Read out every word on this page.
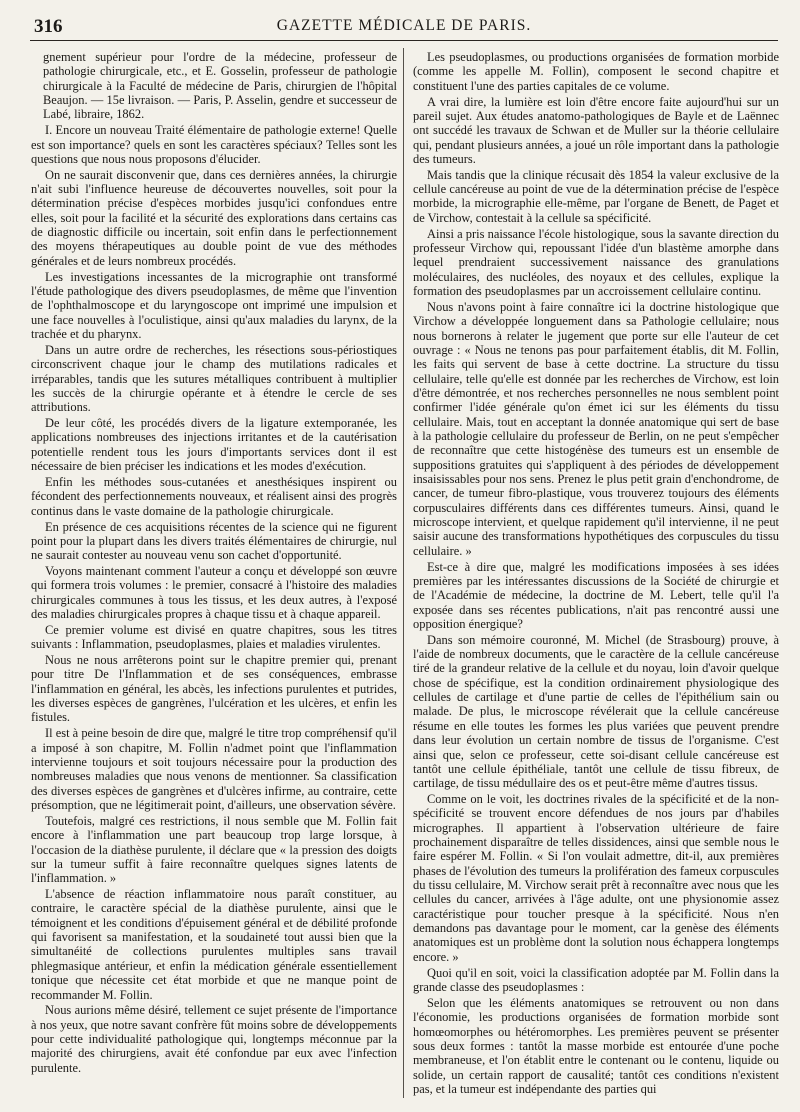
316	GAZETTE MÉDICALE DE PARIS.

gnement supérieur pour l'ordre de la médecine, professeur de pathologie chirurgicale, etc., et E. Gosselin, professeur de pathologie chirurgicale à la Faculté de médecine de Paris, chirurgien de l'hôpital Beaujon. — 15e livraison. — Paris, P. Asselin, gendre et successeur de Labé, libraire, 1862.

I. Encore un nouveau Traité élémentaire de pathologie externe! Quelle est son importance? quels en sont les caractères spéciaux? Telles sont les questions que nous nous proposons d'élucider.

On ne saurait disconvenir que, dans ces dernières années, la chirurgie n'ait subi l'influence heureuse de découvertes nouvelles, soit pour la détermination précise d'espèces morbides jusqu'ici confondues entre elles, soit pour la facilité et la sécurité des explorations dans certains cas de diagnostic difficile ou incertain, soit enfin dans le perfectionnement des moyens thérapeutiques au double point de vue des méthodes générales et de leurs nombreux procédés.

Les investigations incessantes de la micrographie ont transformé l'étude pathologique des divers pseudoplasmes, de même que l'invention de l'ophthalmoscope et du laryngoscope ont imprimé une impulsion et une face nouvelles à l'oculistique, ainsi qu'aux maladies du larynx, de la trachée et du pharynx.

Dans un autre ordre de recherches, les résections sous-périostiques circonscrivent chaque jour le champ des mutilations radicales et irréparables, tandis que les sutures métalliques contribuent à multiplier les succès de la chirurgie opérante et à étendre le cercle de ses attributions.

De leur côté, les procédés divers de la ligature extemporanée, les applications nombreuses des injections irritantes et de la cautérisation potentielle rendent tous les jours d'importants services dont il est nécessaire de bien préciser les indications et les modes d'exécution.

Enfin les méthodes sous-cutanées et anesthésiques inspirent ou fécondent des perfectionnements nouveaux, et réalisent ainsi des progrès continus dans le vaste domaine de la pathologie chirurgicale.

En présence de ces acquisitions récentes de la science qui ne figurent point pour la plupart dans les divers traités élémentaires de chirurgie, nul ne saurait contester au nouveau venu son cachet d'opportunité.

Voyons maintenant comment l'auteur a conçu et développé son œuvre qui formera trois volumes : le premier, consacré à l'histoire des maladies chirurgicales communes à tous les tissus, et les deux autres, à l'exposé des maladies chirurgicales propres à chaque tissu et à chaque appareil.

Ce premier volume est divisé en quatre chapitres, sous les titres suivants : Inflammation, pseudoplasmes, plaies et maladies virulentes.

Nous ne nous arrêterons point sur le chapitre premier qui, prenant pour titre De l'Inflammation et de ses conséquences, embrasse l'inflammation en général, les abcès, les infections purulentes et putrides, les diverses espèces de gangrènes, l'ulcération et les ulcères, et enfin les fistules.

Il est à peine besoin de dire que, malgré le titre trop compréhensif qu'il a imposé à son chapitre, M. Follin n'admet point que l'inflammation intervienne toujours et soit toujours nécessaire pour la production des nombreuses maladies que nous venons de mentionner. Sa classification des diverses espèces de gangrènes et d'ulcères infirme, au contraire, cette présomption, que ne légitimerait point, d'ailleurs, une observation sévère.

Toutefois, malgré ces restrictions, il nous semble que M. Follin fait encore à l'inflammation une part beaucoup trop large lorsque, à l'occasion de la diathèse purulente, il déclare que « la pression des doigts sur la tumeur suffit à faire reconnaître quelques signes latents de l'inflammation. »

L'absence de réaction inflammatoire nous paraît constituer, au contraire, le caractère spécial de la diathèse purulente, ainsi que le témoignent et les conditions d'épuisement général et de débilité profonde qui favorisent sa manifestation, et la soudaineté tout aussi bien que la simultanéité de collections purulentes multiples sans travail phlegmasique antérieur, et enfin la médication générale essentiellement tonique que nécessite cet état morbide et que ne manque point de recommander M. Follin.

Nous aurions même désiré, tellement ce sujet présente de l'importance à nos yeux, que notre savant confrère fût moins sobre de développements pour cette individualité pathologique qui, longtemps méconnue par la majorité des chirurgiens, avait été confondue par eux avec l'infection purulente.

Les pseudoplasmes, ou productions organisées de formation morbide (comme les appelle M. Follin), composent le second chapitre et constituent l'une des parties capitales de ce volume.

A vrai dire, la lumière est loin d'être encore faite aujourd'hui sur un pareil sujet. Aux études anatomo-pathologiques de Bayle et de Laënnec ont succédé les travaux de Schwan et de Muller sur la théorie cellulaire qui, pendant plusieurs années, a joué un rôle important dans la pathologie des tumeurs.

Mais tandis que la clinique récusait dès 1854 la valeur exclusive de la cellule cancéreuse au point de vue de la détermination précise de l'espèce morbide, la micrographie elle-même, par l'organe de Benett, de Paget et de Virchow, contestait à la cellule sa spécificité.

Ainsi a pris naissance l'école histologique, sous la savante direction du professeur Virchow qui, repoussant l'idée d'un blastème amorphe dans lequel prendraient successivement naissance des granulations moléculaires, des nucléoles, des noyaux et des cellules, explique la formation des pseudoplasmes par un accroissement cellulaire continu.

Nous n'avons point à faire connaître ici la doctrine histologique que Virchow a développée longuement dans sa Pathologie cellulaire; nous nous bornerons à relater le jugement que porte sur elle l'auteur de cet ouvrage : « Nous ne tenons pas pour parfaitement établis, dit M. Follin, les faits qui servent de base à cette doctrine. La structure du tissu cellulaire, telle qu'elle est donnée par les recherches de Virchow, est loin d'être démontrée, et nos recherches personnelles ne nous semblent point confirmer l'idée générale qu'on émet ici sur les éléments du tissu cellulaire. Mais, tout en acceptant la donnée anatomique qui sert de base à la pathologie cellulaire du professeur de Berlin, on ne peut s'empêcher de reconnaître que cette histogénèse des tumeurs est un ensemble de suppositions gratuites qui s'appliquent à des périodes de développement insaisissables pour nos sens. Prenez le plus petit grain d'enchondrome, de cancer, de tumeur fibro-plastique, vous trouverez toujours des éléments corpusculaires différents dans ces différentes tumeurs. Ainsi, quand le microscope intervient, et quelque rapidement qu'il intervienne, il ne peut saisir aucune des transformations hypothétiques des corpuscules du tissu cellulaire. »

Est-ce à dire que, malgré les modifications imposées à ses idées premières par les intéressantes discussions de la Société de chirurgie et de l'Académie de médecine, la doctrine de M. Lebert, telle qu'il l'a exposée dans ses récentes publications, n'ait pas rencontré aussi une opposition énergique?

Dans son mémoire couronné, M. Michel (de Strasbourg) prouve, à l'aide de nombreux documents, que le caractère de la cellule cancéreuse tiré de la grandeur relative de la cellule et du noyau, loin d'avoir quelque chose de spécifique, est la condition ordinairement physiologique des cellules de cartilage et d'une partie de celles de l'épithélium sain ou malade. De plus, le microscope révélerait que la cellule cancéreuse résume en elle toutes les formes les plus variées que peuvent prendre dans leur évolution un certain nombre de tissus de l'organisme. C'est ainsi que, selon ce professeur, cette soi-disant cellule cancéreuse est tantôt une cellule épithéliale, tantôt une cellule de tissu fibreux, de cartilage, de tissu médullaire des os et peut-être même d'autres tissus.

Comme on le voit, les doctrines rivales de la spécificité et de la non-spécificité se trouvent encore défendues de nos jours par d'habiles micrographes. Il appartient à l'observation ultérieure de faire prochainement disparaître de telles dissidences, ainsi que semble nous le faire espérer M. Follin. « Si l'on voulait admettre, dit-il, aux premières phases de l'évolution des tumeurs la prolifération des fameux corpuscules du tissu cellulaire, M. Virchow serait prêt à reconnaître avec nous que les cellules du cancer, arrivées à l'âge adulte, ont une physionomie assez caractéristique pour toucher presque à la spécificité. Nous n'en demandons pas davantage pour le moment, car la genèse des éléments anatomiques est un problème dont la solution nous échappera longtemps encore. »

Quoi qu'il en soit, voici la classification adoptée par M. Follin dans la grande classe des pseudoplasmes :

Selon que les éléments anatomiques se retrouvent ou non dans l'économie, les productions organisées de formation morbide sont homœomorphes ou hétéromorphes. Les premières peuvent se présenter sous deux formes : tantôt la masse morbide est entourée d'une poche membraneuse, et l'on établit entre le contenant ou le contenu, liquide ou solide, un certain rapport de causalité; tantôt ces conditions n'existent pas, et la tumeur est indépendante des parties qui
